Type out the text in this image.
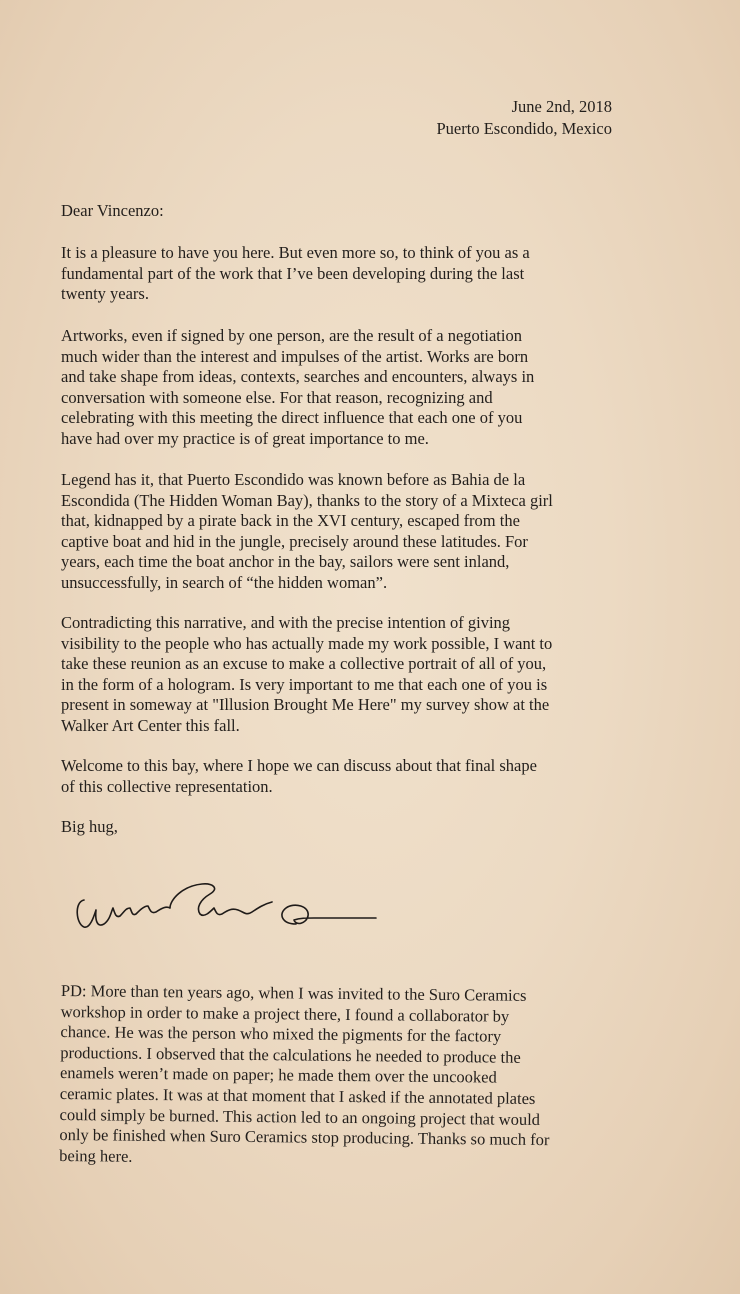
June 2nd, 2018
Puerto Escondido, Mexico
Dear Vincenzo:
It is a pleasure to have you here. But even more so, to think of you as a
fundamental part of the work that I’ve been developing during the last
twenty years.
Artworks, even if signed by one person, are the result of a negotiation
much wider than the interest and impulses of the artist. Works are born
and take shape from ideas, contexts, searches and encounters, always in
conversation with someone else. For that reason, recognizing and
celebrating with this meeting the direct influence that each one of you
have had over my practice is of great importance to me.
Legend has it, that Puerto Escondido was known before as Bahia de la
Escondida (The Hidden Woman Bay), thanks to the story of a Mixteca girl
that, kidnapped by a pirate back in the XVI century, escaped from the
captive boat and hid in the jungle, precisely around these latitudes. For
years, each time the boat anchor in the bay, sailors were sent inland,
unsuccessfully, in search of “the hidden woman”.
Contradicting this narrative, and with the precise intention of giving
visibility to the people who has actually made my work possible, I want to
take these reunion as an excuse to make a collective portrait of all of you,
in the form of a hologram. Is very important to me that each one of you is
present in someway at "Illusion Brought Me Here" my survey show at the
Walker Art Center this fall.
Welcome to this bay, where I hope we can discuss about that final shape
of this collective representation.
Big hug,
PD: More than ten years ago, when I was invited to the Suro Ceramics
workshop in order to make a project there, I found a collaborator by
chance. He was the person who mixed the pigments for the factory
productions. I observed that the calculations he needed to produce the
enamels weren’t made on paper; he made them over the uncooked
ceramic plates. It was at that moment that I asked if the annotated plates
could simply be burned. This action led to an ongoing project that would
only be finished when Suro Ceramics stop producing. Thanks so much for
being here.
